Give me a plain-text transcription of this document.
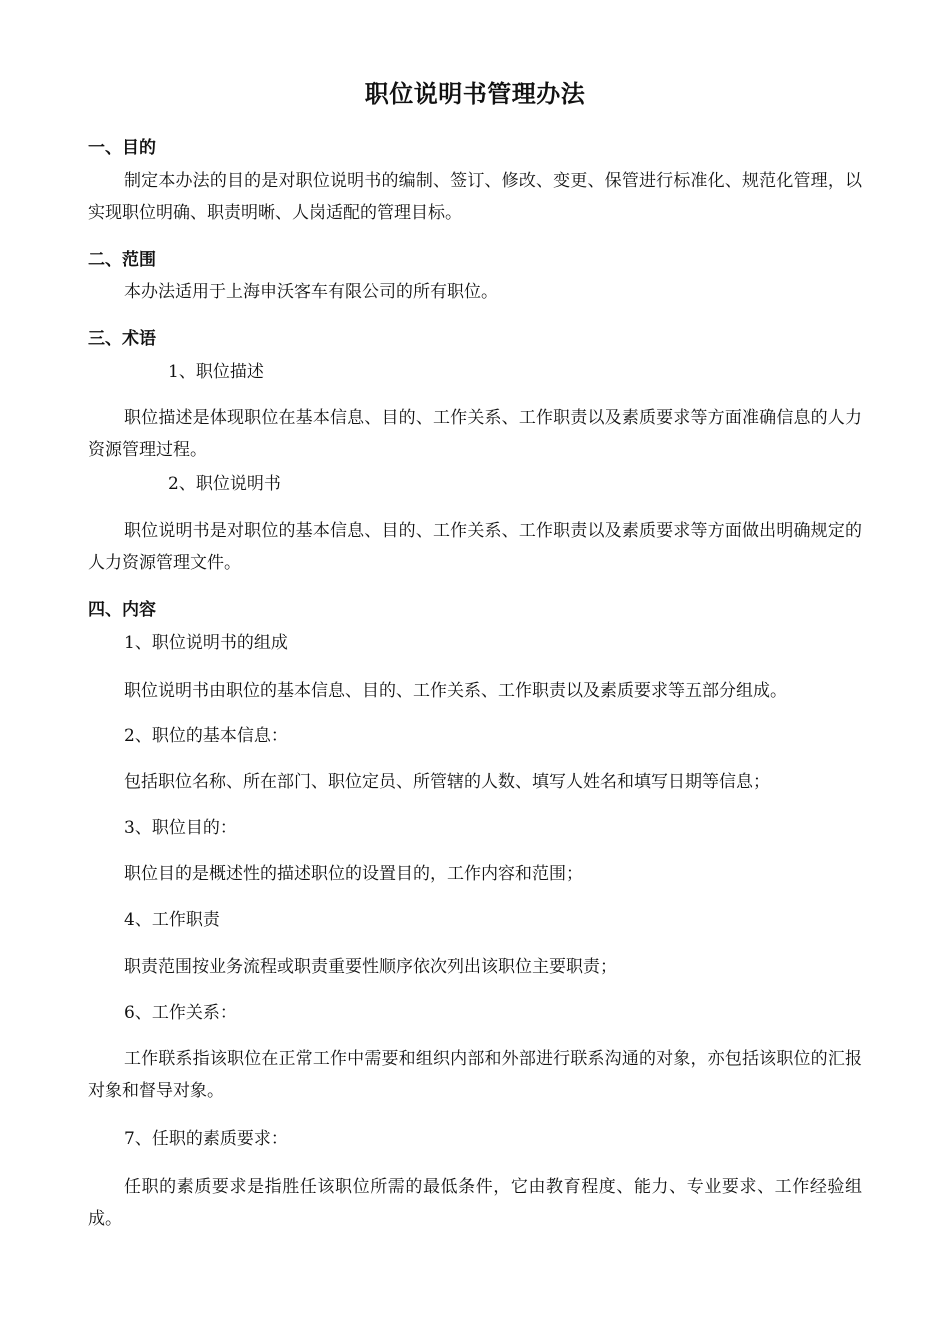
职位说明书管理办法
一、目的
制定本办法的目的是对职位说明书的编制、签订、修改、变更、保管进行标准化、规范化管理，以实现职位明确、职责明晰、人岗适配的管理目标。
二、范围
本办法适用于上海申沃客车有限公司的所有职位。
三、术语
1、职位描述
职位描述是体现职位在基本信息、目的、工作关系、工作职责以及素质要求等方面准确信息的人力资源管理过程。
2、职位说明书
职位说明书是对职位的基本信息、目的、工作关系、工作职责以及素质要求等方面做出明确规定的人力资源管理文件。
四、内容
1、职位说明书的组成
职位说明书由职位的基本信息、目的、工作关系、工作职责以及素质要求等五部分组成。
2、职位的基本信息：
包括职位名称、所在部门、职位定员、所管辖的人数、填写人姓名和填写日期等信息；
3、职位目的：
职位目的是概述性的描述职位的设置目的，工作内容和范围；
4、工作职责
职责范围按业务流程或职责重要性顺序依次列出该职位主要职责；
6、工作关系：
工作联系指该职位在正常工作中需要和组织内部和外部进行联系沟通的对象，亦包括该职位的汇报对象和督导对象。
7、任职的素质要求：
任职的素质要求是指胜任该职位所需的最低条件，它由教育程度、能力、专业要求、工作经验组成。
